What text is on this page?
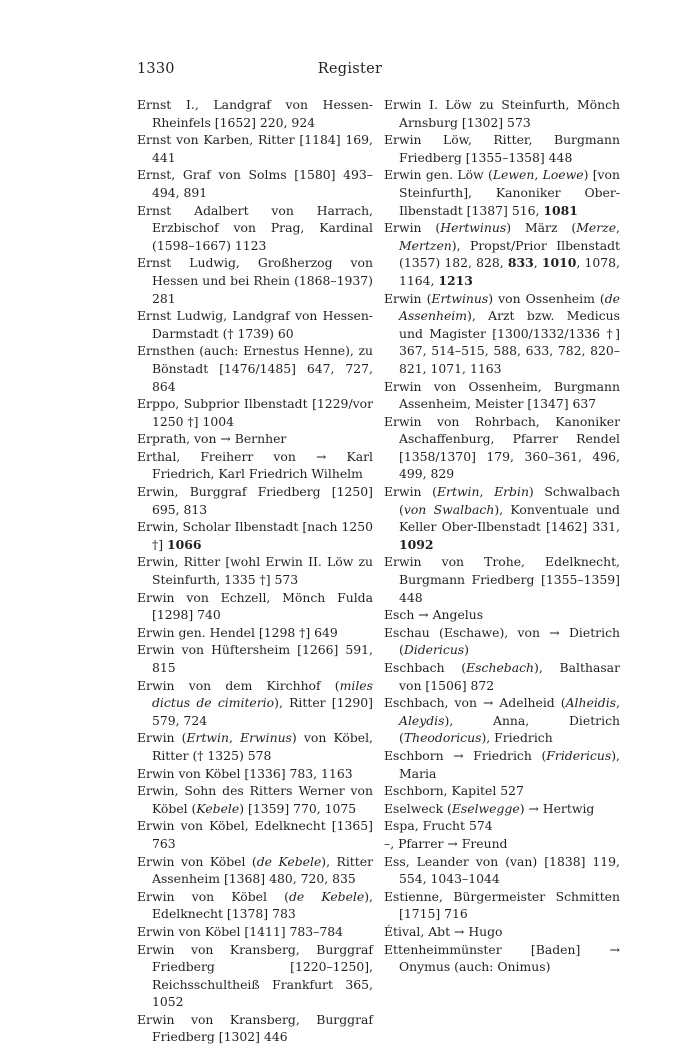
1330	Register

Ernst I., Landgraf von Hessen-Rheinfels [1652] 220, 924

Ernst von Karben, Ritter [1184] 169, 441

Ernst, Graf von Solms [1580] 493–494, 891

Ernst Adalbert von Harrach, Erzbischof von Prag, Kardinal (1598–1667) 1123

Ernst Ludwig, Großherzog von Hessen und bei Rhein (1868–1937) 281

Ernst Ludwig, Landgraf von Hessen-Darmstadt († 1739) 60

Ernsthen (auch: Ernestus Henne), zu Bönstadt [1476/1485] 647, 727, 864

Erppo, Subprior Ilbenstadt [1229/vor 1250 †] 1004

Erprath, von → Bernher

Erthal, Freiherr von → Karl Friedrich, Karl Friedrich Wilhelm

Erwin, Burggraf Friedberg [1250] 695, 813

Erwin, Scholar Ilbenstadt [nach 1250 †] 1066

Erwin, Ritter [wohl Erwin II. Löw zu Steinfurth, 1335 †] 573

Erwin von Echzell, Mönch Fulda [1298] 740

Erwin gen. Hendel [1298 †] 649

Erwin von Hüftersheim [1266] 591, 815

Erwin von dem Kirchhof (miles dictus de cimiterio), Ritter [1290] 579, 724

Erwin (Ertwin, Erwinus) von Köbel, Ritter († 1325) 578

Erwin von Köbel [1336] 783, 1163

Erwin, Sohn des Ritters Werner von Köbel (Kebele) [1359] 770, 1075

Erwin von Köbel, Edelknecht [1365] 763

Erwin von Köbel (de Kebele), Ritter Assenheim [1368] 480, 720, 835

Erwin von Köbel (de Kebele), Edelknecht [1378] 783

Erwin von Köbel [1411] 783–784

Erwin von Kransberg, Burggraf Friedberg [1220–1250], Reichsschultheiß Frankfurt 365, 1052

Erwin von Kransberg, Burggraf Friedberg [1302] 446

Erwin I. Löw zu Steinfurth, Mönch Arnsburg [1302] 573

Erwin Löw, Ritter, Burgmann Friedberg [1355–1358] 448

Erwin gen. Löw (Lewen, Loewe) [von Steinfurth], Kanoniker Ober-Ilbenstadt [1387] 516, 1081

Erwin (Hertwinus) März (Merze, Mertzen), Propst/Prior Ilbenstadt (1357) 182, 828, 833, 1010, 1078, 1164, 1213

Erwin (Ertwinus) von Ossenheim (de Assenheim), Arzt bzw. Medicus und Magister [1300/1332/1336 †] 367, 514–515, 588, 633, 782, 820–821, 1071, 1163

Erwin von Ossenheim, Burgmann Assenheim, Meister [1347] 637

Erwin von Rohrbach, Kanoniker Aschaffenburg, Pfarrer Rendel [1358/1370] 179, 360–361, 496, 499, 829

Erwin (Ertwin, Erbin) Schwalbach (von Swalbach), Konventuale und Keller Ober-Ilbenstadt [1462] 331, 1092

Erwin von Trohe, Edelknecht, Burgmann Friedberg [1355–1359] 448

Esch → Angelus

Eschau (Eschawe), von → Dietrich (Didericus)

Eschbach (Eschebach), Balthasar von [1506] 872

Eschbach, von → Adelheid (Alheidis, Aleydis), Anna, Dietrich (Theodoricus), Friedrich

Eschborn → Friedrich (Fridericus), Maria

Eschborn, Kapitel 527

Eselweck (Eselwegge) → Hertwig

Espa, Frucht 574

–, Pfarrer → Freund

Ess, Leander von (van) [1838] 119, 554, 1043–1044

Estienne, Bürgermeister Schmitten [1715] 716

Étival, Abt → Hugo

Ettenheimmünster [Baden] → Onymus (auch: Onimus)
